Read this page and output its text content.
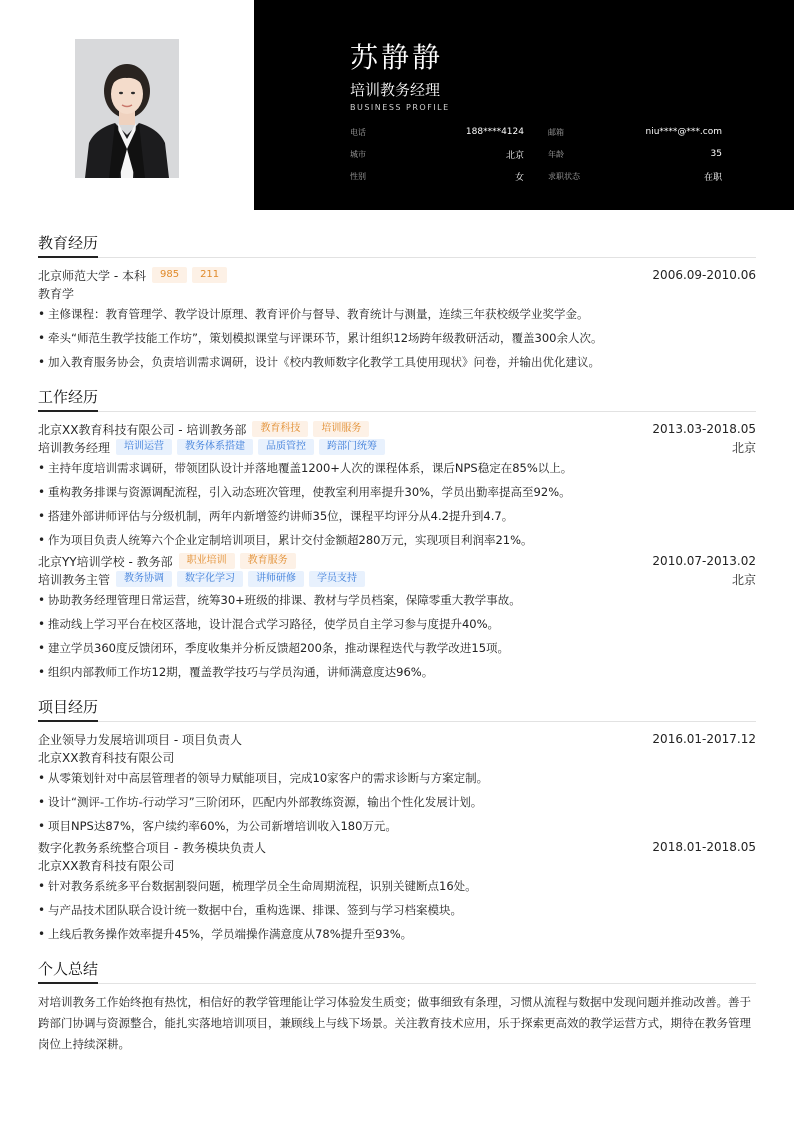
苏静静
培训教务经理
BUSINESS PROFILE
电话	188****4124	邮箱	niu****@***.com
城市	北京	年龄	35
性别	女	求职状态	在职
教育经历
北京师范大学 - 本科	985	211	2006.09-2010.06
教育学
• 主修课程：教育管理学、教学设计原理、教育评价与督导、教育统计与测量，连续三年获校级学业奖学金。
• 牵头“师范生教学技能工作坊”，策划模拟课堂与评课环节，累计组织12场跨年级教研活动，覆盖300余人次。
• 加入教育服务协会，负责培训需求调研，设计《校内教师数字化教学工具使用现状》问卷，并输出优化建议。
工作经历
北京XX教育科技有限公司 - 培训教务部	教育科技	培训服务	2013.03-2018.05
培训教务经理	培训运营	教务体系搭建	品质管控	跨部门统筹	北京
• 主持年度培训需求调研，带领团队设计并落地覆盖1200+人次的课程体系，课后NPS稳定在85%以上。
• 重构教务排课与资源调配流程，引入动态班次管理，使教室利用率提升30%，学员出勤率提高至92%。
• 搭建外部讲师评估与分级机制，两年内新增签约讲师35位，课程平均评分从4.2提升到4.7。
• 作为项目负责人统筹六个企业定制培训项目，累计交付金额超280万元，实现项目利润率21%。
北京YY培训学校 - 教务部	职业培训	教育服务	2010.07-2013.02
培训教务主管	教务协调	数字化学习	讲师研修	学员支持	北京
• 协助教务经理管理日常运营，统筹30+班级的排课、教材与学员档案，保障零重大教学事故。
• 推动线上学习平台在校区落地，设计混合式学习路径，使学员自主学习参与度提升40%。
• 建立学员360度反馈闭环，季度收集并分析反馈超200条，推动课程迭代与教学改进15项。
• 组织内部教师工作坊12期，覆盖教学技巧与学员沟通，讲师满意度达96%。
项目经历
企业领导力发展培训项目 - 项目负责人	2016.01-2017.12
北京XX教育科技有限公司
• 从零策划针对中高层管理者的领导力赋能项目，完成10家客户的需求诊断与方案定制。
• 设计“测评-工作坊-行动学习”三阶闭环，匹配内外部教练资源，输出个性化发展计划。
• 项目NPS达87%，客户续约率60%，为公司新增培训收入180万元。
数字化教务系统整合项目 - 教务模块负责人	2018.01-2018.05
北京XX教育科技有限公司
• 针对教务系统多平台数据割裂问题，梳理学员全生命周期流程，识别关键断点16处。
• 与产品技术团队联合设计统一数据中台，重构选课、排课、签到与学习档案模块。
• 上线后教务操作效率提升45%，学员端操作满意度从78%提升至93%。
个人总结

对培训教务工作始终抱有热忱，相信好的教学管理能让学习体验发生质变；做事细致有条理，习惯从流程与数据中发现问题并推动改善。善于跨部门协调与资源整合，能扎实落地培训项目，兼顾线上与线下场景。关注教育技术应用，乐于探索更高效的教学运营方式，期待在教务管理岗位上持续深耕。
